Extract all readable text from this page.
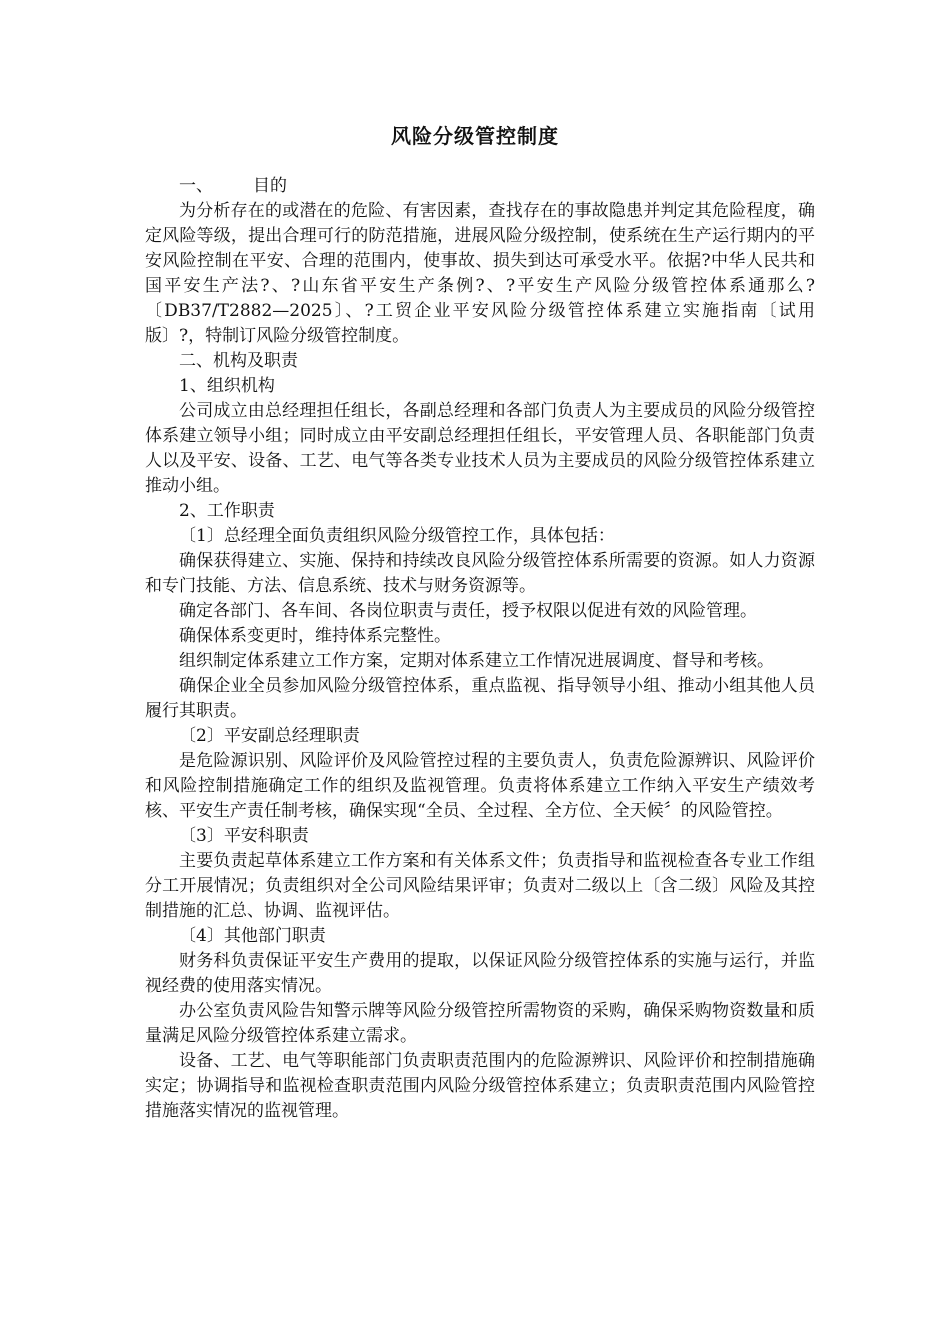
风险分级管控制度

一、 目的

为分析存在的或潜在的危险、有害因素，查找存在的事故隐患并判定其危险程度，确定风险等级，提出合理可行的防范措施，进展风险分级控制，使系统在生产运行期内的平安风险控制在平安、合理的范围内，使事故、损失到达可承受水平。依据?中华人民共和国平安生产法?、?山东省平安生产条例?、?平安生产风险分级管控体系通那么?〔DB37/T2882—2025〕、?工贸企业平安风险分级管控体系建立实施指南〔试用版〕?，特制订风险分级管控制度。

二、机构及职责

1、组织机构

公司成立由总经理担任组长，各副总经理和各部门负责人为主要成员的风险分级管控体系建立领导小组；同时成立由平安副总经理担任组长，平安管理人员、各职能部门负责人以及平安、设备、工艺、电气等各类专业技术人员为主要成员的风险分级管控体系建立推动小组。

2、工作职责

〔1〕总经理全面负责组织风险分级管控工作，具体包括：

确保获得建立、实施、保持和持续改良风险分级管控体系所需要的资源。如人力资源和专门技能、方法、信息系统、技术与财务资源等。

确定各部门、各车间、各岗位职责与责任，授予权限以促进有效的风险管理。

确保体系变更时，维持体系完整性。

组织制定体系建立工作方案，定期对体系建立工作情况进展调度、督导和考核。

确保企业全员参加风险分级管控体系，重点监视、指导领导小组、推动小组其他人员履行其职责。

〔2〕平安副总经理职责

是危险源识别、风险评价及风险管控过程的主要负责人，负责危险源辨识、风险评价和风险控制措施确定工作的组织及监视管理。负责将体系建立工作纳入平安生产绩效考核、平安生产责任制考核，确保实现“全员、全过程、全方位、全天候〞的风险管控。

〔3〕平安科职责

主要负责起草体系建立工作方案和有关体系文件；负责指导和监视检查各专业工作组分工开展情况；负责组织对全公司风险结果评审；负责对二级以上〔含二级〕风险及其控制措施的汇总、协调、监视评估。

〔4〕其他部门职责

财务科负责保证平安生产费用的提取，以保证风险分级管控体系的实施与运行，并监视经费的使用落实情况。

办公室负责风险告知警示牌等风险分级管控所需物资的采购，确保采购物资数量和质量满足风险分级管控体系建立需求。

设备、工艺、电气等职能部门负责职责范围内的危险源辨识、风险评价和控制措施确实定；协调指导和监视检查职责范围内风险分级管控体系建立；负责职责范围内风险管控措施落实情况的监视管理。
